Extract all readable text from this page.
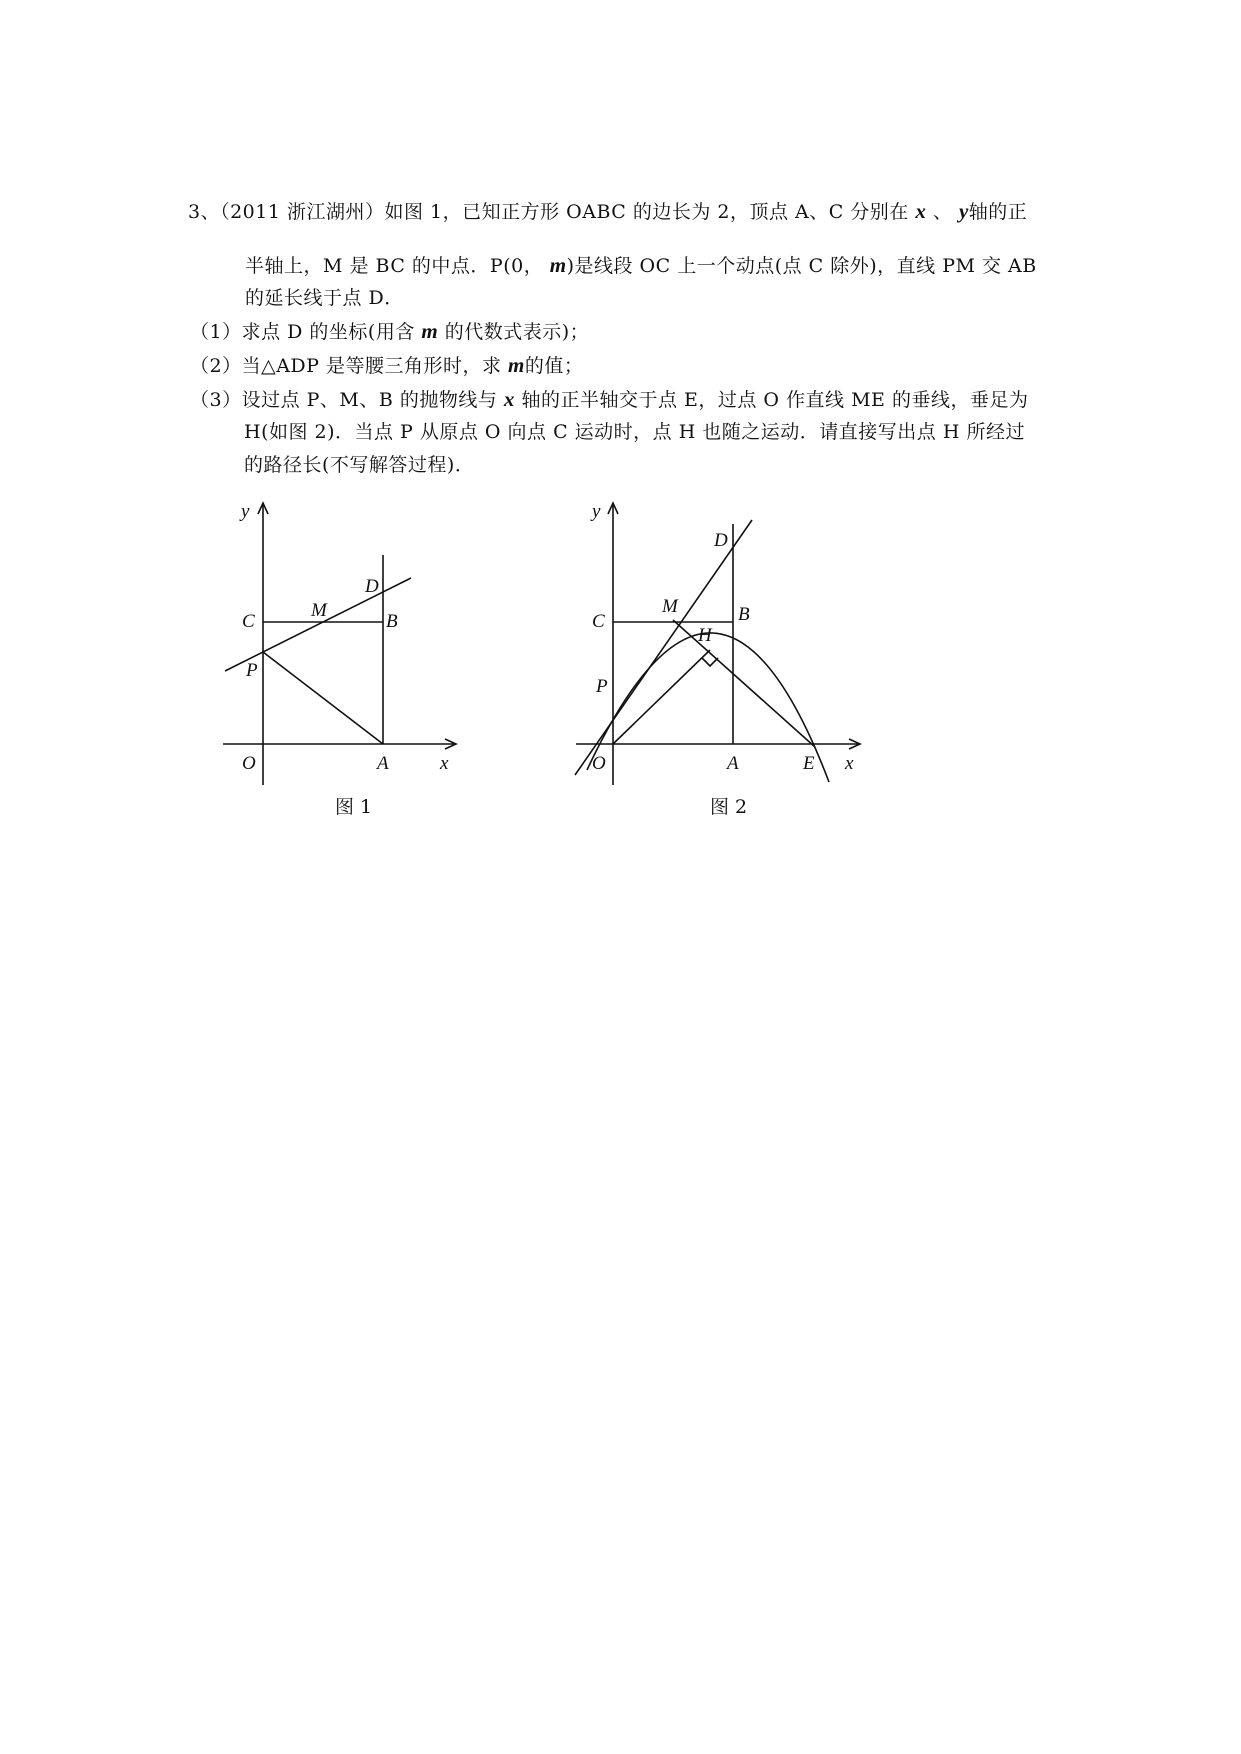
3、（2011 浙江湖州）如图 1，已知正方形 OABC 的边长为 2，顶点 A、C 分别在 x 、 y轴的正
半轴上，M 是 BC 的中点．P(0， m)是线段 OC 上一个动点(点 C 除外)，直线 PM 交 AB
的延长线于点 D．
（1）求点 D 的坐标(用含 m 的代数式表示)；
（2）当△ADP 是等腰三角形时，求 m的值；
（3）设过点 P、M、B 的抛物线与 x 轴的正半轴交于点 E，过点 O 作直线 ME 的垂线，垂足为
H(如图 2)．当点 P 从原点 O 向点 C 运动时，点 H 也随之运动．请直接写出点 H 所经过
的路径长(不写解答过程)．
y
x
O	A
B
C
D
M
P
图 1
y
x
O	A	E
B
C
D
M
H
P
图 2
